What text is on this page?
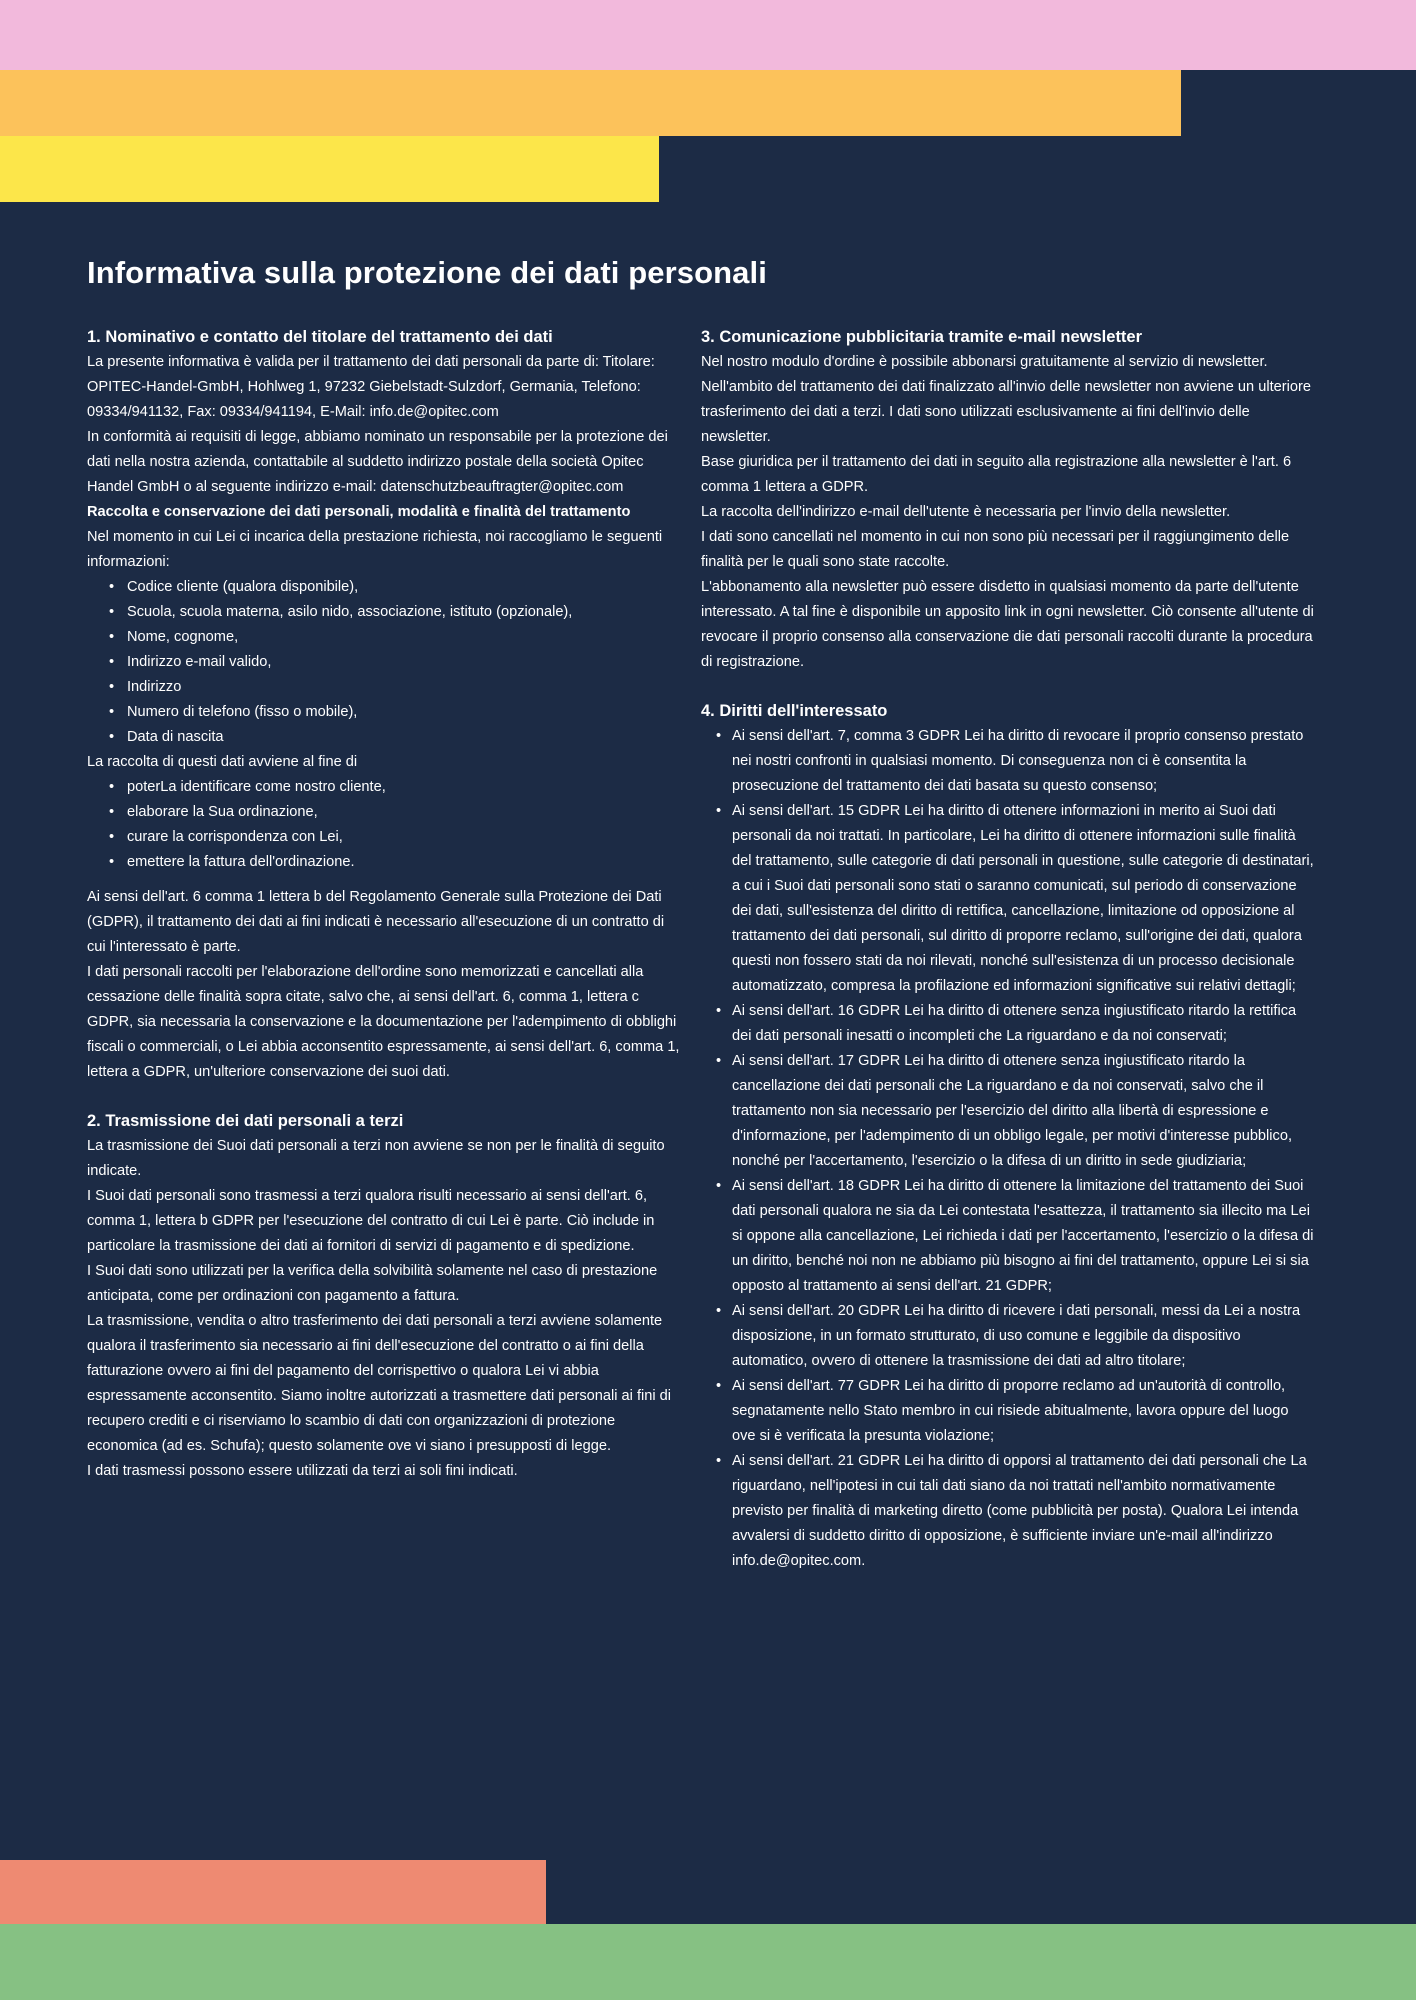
Informativa sulla protezione dei dati personali
1. Nominativo e contatto del titolare del trattamento dei dati

La presente informativa è valida per il trattamento dei dati personali da parte di: Titolare: OPITEC-Handel-GmbH, Hohlweg 1, 97232 Giebelstadt-Sulzdorf, Germania, Telefono: 09334/941132, Fax: 09334/941194, E-Mail: info.de@opitec.com

In conformità ai requisiti di legge, abbiamo nominato un responsabile per la protezione dei dati nella nostra azienda, contattabile al suddetto indirizzo postale della società Opitec Handel GmbH o al seguente indirizzo e-mail: datenschutzbeauftragter@opitec.com

Raccolta e conservazione dei dati personali, modalità e finalità del trattamento

Nel momento in cui Lei ci incarica della prestazione richiesta, noi raccogliamo le seguenti informazioni:

• Codice cliente (qualora disponibile),
• Scuola, scuola materna, asilo nido, associazione, istituto (opzionale),
• Nome, cognome,
• Indirizzo e-mail valido,
• Indirizzo
• Numero di telefono (fisso o mobile),
• Data di nascita

La raccolta di questi dati avviene al fine di

• poterLa identificare come nostro cliente,
• elaborare la Sua ordinazione,
• curare la corrispondenza con Lei,
• emettere la fattura dell'ordinazione.

Ai sensi dell'art. 6 comma 1 lettera b del Regolamento Generale sulla Protezione dei Dati (GDPR), il trattamento dei dati ai fini indicati è necessario all'esecuzione di un contratto di cui l'interessato è parte.

I dati personali raccolti per l'elaborazione dell'ordine sono memorizzati e cancellati alla cessazione delle finalità sopra citate, salvo che, ai sensi dell'art. 6, comma 1, lettera c GDPR, sia necessaria la conservazione e la documentazione per l'adempimento di obblighi fiscali o commerciali, o Lei abbia acconsentito espressamente, ai sensi dell'art. 6, comma 1, lettera a GDPR, un'ulteriore conservazione dei suoi dati.

2. Trasmissione dei dati personali a terzi

La trasmissione dei Suoi dati personali a terzi non avviene se non per le finalità di seguito indicate.

I Suoi dati personali sono trasmessi a terzi qualora risulti necessario ai sensi dell'art. 6, comma 1, lettera b GDPR per l'esecuzione del contratto di cui Lei è parte. Ciò include in particolare la trasmissione dei dati ai fornitori di servizi di pagamento e di spedizione.

I Suoi dati sono utilizzati per la verifica della solvibilità solamente nel caso di prestazione anticipata, come per ordinazioni con pagamento a fattura.

La trasmissione, vendita o altro trasferimento dei dati personali a terzi avviene solamente qualora il trasferimento sia necessario ai fini dell'esecuzione del contratto o ai fini della fatturazione ovvero ai fini del pagamento del corrispettivo o qualora Lei vi abbia espressamente acconsentito. Siamo inoltre autorizzati a trasmettere dati personali ai fini di recupero crediti e ci riserviamo lo scambio di dati con organizzazioni di protezione economica (ad es. Schufa); questo solamente ove vi siano i presupposti di legge.

I dati trasmessi possono essere utilizzati da terzi ai soli fini indicati.

3. Comunicazione pubblicitaria tramite e-mail newsletter

Nel nostro modulo d'ordine è possibile abbonarsi gratuitamente al servizio di newsletter.

Nell'ambito del trattamento dei dati finalizzato all'invio delle newsletter non avviene un ulteriore trasferimento dei dati a terzi. I dati sono utilizzati esclusivamente ai fini dell'invio delle newsletter.

Base giuridica per il trattamento dei dati in seguito alla registrazione alla newsletter è l'art. 6 comma 1 lettera a GDPR.

La raccolta dell'indirizzo e-mail dell'utente è necessaria per l'invio della newsletter.

I dati sono cancellati nel momento in cui non sono più necessari per il raggiungimento delle finalità per le quali sono state raccolte.

L'abbonamento alla newsletter può essere disdetto in qualsiasi momento da parte dell'utente interessato. A tal fine è disponibile un apposito link in ogni newsletter. Ciò consente all'utente di revocare il proprio consenso alla conservazione die dati personali raccolti durante la procedura di registrazione.

4. Diritti dell'interessato
• Ai sensi dell'art. 7, comma 3 GDPR Lei ha diritto di revocare il proprio consenso prestato nei nostri confronti in qualsiasi momento. Di conseguenza non ci è consentita la prosecuzione del trattamento dei dati basata su questo consenso;
• Ai sensi dell'art. 15 GDPR Lei ha diritto di ottenere informazioni in merito ai Suoi dati personali da noi trattati. In particolare, Lei ha diritto di ottenere informazioni sulle finalità del trattamento, sulle categorie di dati personali in questione, sulle categorie di destinatari, a cui i Suoi dati personali sono stati o saranno comunicati, sul periodo di conservazione dei dati, sull'esistenza del diritto di rettifica, cancellazione, limitazione od opposizione al trattamento dei dati personali, sul diritto di proporre reclamo, sull'origine dei dati, qualora questi non fossero stati da noi rilevati, nonché sull'esistenza di un processo decisionale automatizzato, compresa la profilazione ed informazioni significative sui relativi dettagli;
• Ai sensi dell'art. 16 GDPR Lei ha diritto di ottenere senza ingiustificato ritardo la rettifica dei dati personali inesatti o incompleti che La riguardano e da noi conservati;
• Ai sensi dell'art. 17 GDPR Lei ha diritto di ottenere senza ingiustificato ritardo la cancellazione dei dati personali che La riguardano e da noi conservati, salvo che il trattamento non sia necessario per l'esercizio del diritto alla libertà di espressione e d'informazione, per l'adempimento di un obbligo legale, per motivi d'interesse pubblico, nonché per l'accertamento, l'esercizio o la difesa di un diritto in sede giudiziaria;
• Ai sensi dell'art. 18 GDPR Lei ha diritto di ottenere la limitazione del trattamento dei Suoi dati personali qualora ne sia da Lei contestata l'esattezza, il trattamento sia illecito ma Lei si oppone alla cancellazione, Lei richieda i dati per l'accertamento, l'esercizio o la difesa di un diritto, benché noi non ne abbiamo più bisogno ai fini del trattamento, oppure Lei si sia opposto al trattamento ai sensi dell'art. 21 GDPR;
• Ai sensi dell'art. 20 GDPR Lei ha diritto di ricevere i dati personali, messi da Lei a nostra disposizione, in un formato strutturato, di uso comune e leggibile da dispositivo automatico, ovvero di ottenere la trasmissione dei dati ad altro titolare;
• Ai sensi dell'art. 77 GDPR Lei ha diritto di proporre reclamo ad un'autorità di controllo, segnatamente nello Stato membro in cui risiede abitualmente, lavora oppure del luogo ove si è verificata la presunta violazione;
• Ai sensi dell'art. 21 GDPR Lei ha diritto di opporsi al trattamento dei dati personali che La riguardano, nell'ipotesi in cui tali dati siano da noi trattati nell'ambito normativamente previsto per finalità di marketing diretto (come pubblicità per posta). Qualora Lei intenda avvalersi di suddetto diritto di opposizione, è sufficiente inviare un'e-mail all'indirizzo info.de@opitec.com.
